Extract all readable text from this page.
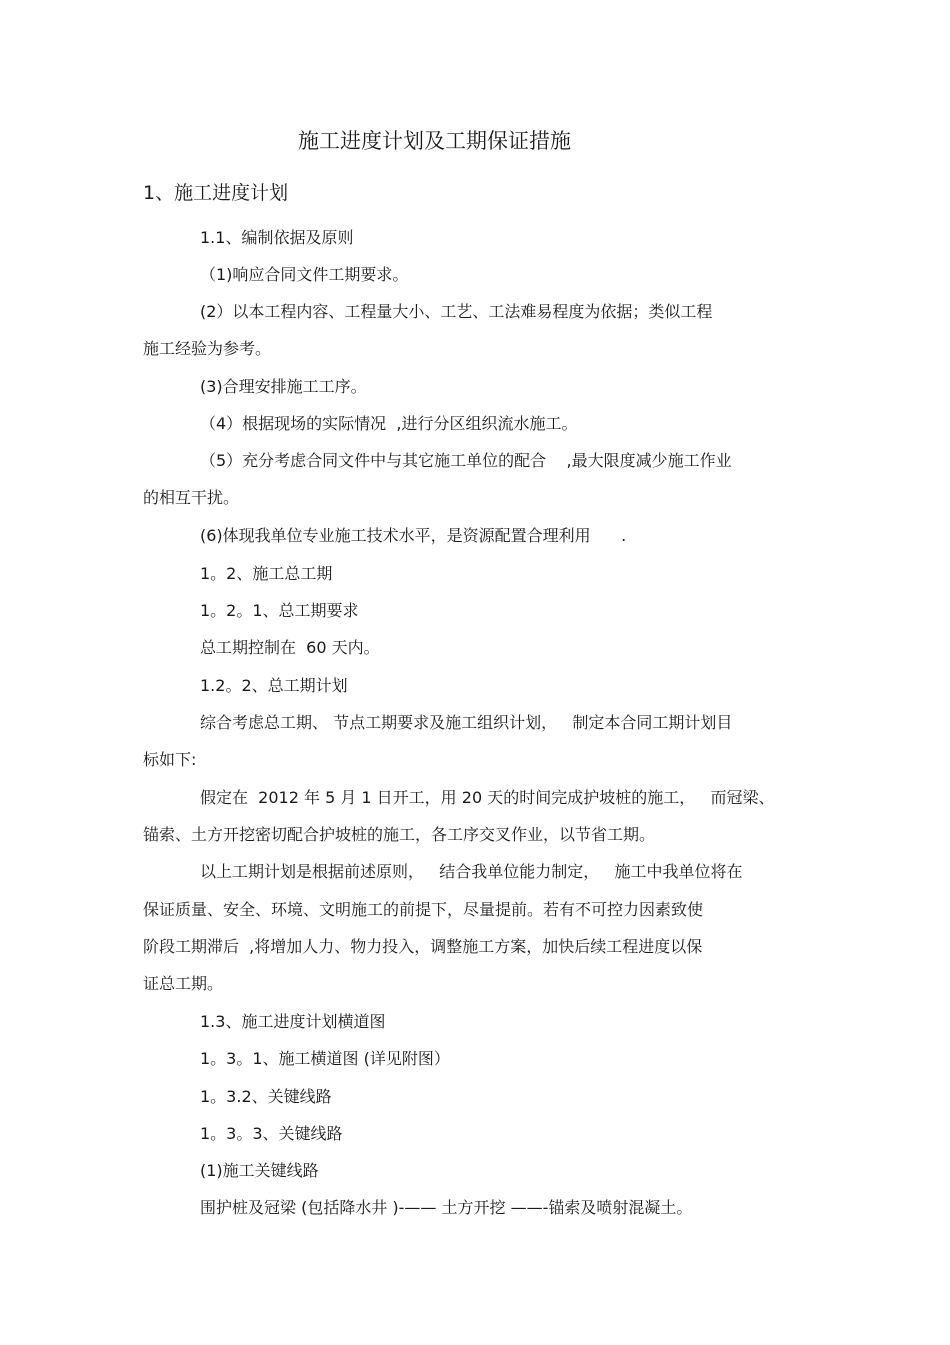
施工进度计划及工期保证措施
1、施工进度计划
1.1、编制依据及原则
（1)响应合同文件工期要求。
(2）以本工程内容、工程量大小、工艺、工法难易程度为依据；类似工程
施工经验为参考。
(3)合理安排施工工序。
（4）根据现场的实际情况  ,进行分区组织流水施工。
（5）充分考虑合同文件中与其它施工单位的配合    ,最大限度减少施工作业
的相互干扰。
(6)体现我单位专业施工技术水平，是资源配置合理利用      .
1。2、施工总工期
1。2。1、总工期要求
总工期控制在  60 天内。
1.2。2、总工期计划
综合考虑总工期、 节点工期要求及施工组织计划，   制定本合同工期计划目
标如下:
假定在  2012 年 5 月 1 日开工，用 20 天的时间完成护坡桩的施工，   而冠梁、
锚索、土方开挖密切配合护坡桩的施工，各工序交叉作业，以节省工期。
以上工期计划是根据前述原则，   结合我单位能力制定，   施工中我单位将在
保证质量、安全、环境、文明施工的前提下，尽量提前。若有不可控力因素致使
阶段工期滞后  ,将增加人力、物力投入，调整施工方案，加快后续工程进度以保
证总工期。
1.3、施工进度计划横道图
1。3。1、施工横道图 (详见附图）
1。3.2、关键线路
1。3。3、关键线路
(1)施工关键线路
围护桩及冠梁 (包括降水井 )-—— 土方开挖 ——-锚索及喷射混凝土。
